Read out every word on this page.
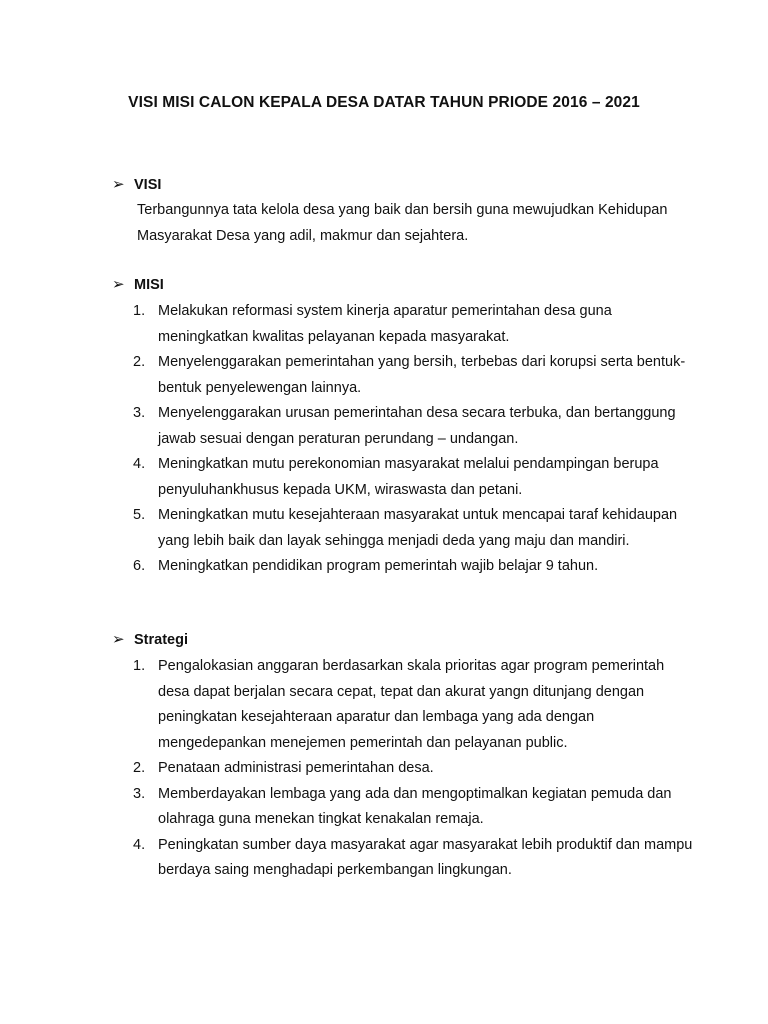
VISI MISI CALON KEPALA DESA DATAR TAHUN PRIODE 2016 – 2021
➢ VISI
Terbangunnya tata kelola desa yang baik dan bersih guna mewujudkan Kehidupan Masyarakat Desa yang adil, makmur dan sejahtera.
➢ MISI
1. Melakukan reformasi system kinerja aparatur pemerintahan desa guna meningkatkan kwalitas pelayanan kepada masyarakat.
2. Menyelenggarakan pemerintahan yang bersih, terbebas dari korupsi serta bentuk-bentuk penyelewengan lainnya.
3. Menyelenggarakan urusan pemerintahan desa secara terbuka, dan bertanggung jawab sesuai dengan peraturan perundang – undangan.
4. Meningkatkan mutu perekonomian masyarakat melalui pendampingan berupa penyuluhankhusus kepada UKM, wiraswasta dan petani.
5. Meningkatkan mutu kesejahteraan masyarakat untuk mencapai taraf kehidaupan yang lebih baik dan layak sehingga menjadi deda yang maju dan mandiri.
6. Meningkatkan pendidikan program pemerintah wajib belajar 9 tahun.
➢ Strategi
1. Pengalokasian anggaran berdasarkan skala prioritas agar program pemerintah desa dapat berjalan secara cepat, tepat dan akurat yangn ditunjang dengan peningkatan kesejahteraan aparatur dan lembaga yang ada dengan mengedepankan menejemen pemerintah dan pelayanan public.
2. Penataan administrasi pemerintahan desa.
3. Memberdayakan lembaga yang ada dan mengoptimalkan kegiatan pemuda dan olahraga guna menekan tingkat kenakalan remaja.
4. Peningkatan sumber daya masyarakat agar masyarakat lebih produktif dan mampu berdaya saing menghadapi perkembangan lingkungan.
